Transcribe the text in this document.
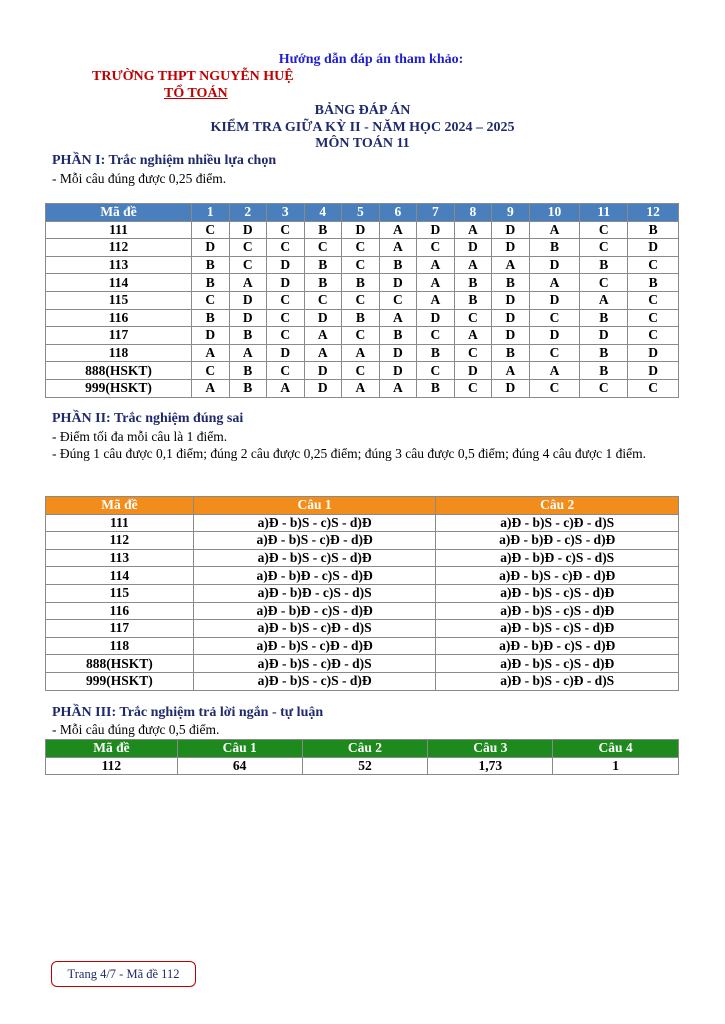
Hướng dẫn đáp án tham khảo:
TRƯỜNG THPT NGUYỄN HUỆ
TỔ TOÁN
BẢNG ĐÁP ÁN
KIỂM TRA GIỮA KỲ II - NĂM HỌC 2024 – 2025
MÔN TOÁN 11
PHẦN I: Trắc nghiệm nhiều lựa chọn
- Mỗi câu đúng được 0,25 điểm.
Mã đề	1	2	3	4	5	6	7	8	9	10	11	12
111	C	D	C	B	D	A	D	A	D	A	C	B
112	D	C	C	C	C	A	C	D	D	B	C	D
113	B	C	D	B	C	B	A	A	A	D	B	C
114	B	A	D	B	B	D	A	B	B	A	C	B
115	C	D	C	C	C	C	A	B	D	D	A	C
116	B	D	C	D	B	A	D	C	D	C	B	C
117	D	B	C	A	C	B	C	A	D	D	D	C
118	A	A	D	A	A	D	B	C	B	C	B	D
888(HSKT)	C	B	C	D	C	D	C	D	A	A	B	D
999(HSKT)	A	B	A	D	A	A	B	C	D	C	C	C
PHẦN II: Trắc nghiệm đúng sai
- Điểm tối đa mỗi câu là 1 điểm.
- Đúng 1 câu được 0,1 điểm; đúng 2 câu được 0,25 điểm; đúng 3 câu được 0,5 điểm; đúng 4 câu được 1 điểm.
Mã đề	Câu 1	Câu 2
111	a)Đ - b)S - c)S - d)Đ	a)Đ - b)S - c)Đ - d)S
112	a)Đ - b)S - c)Đ - d)Đ	a)Đ - b)Đ - c)S - d)Đ
113	a)Đ - b)S - c)S - d)Đ	a)Đ - b)Đ - c)S - d)S
114	a)Đ - b)Đ - c)S - d)Đ	a)Đ - b)S - c)Đ - d)Đ
115	a)Đ - b)Đ - c)S - d)S	a)Đ - b)S - c)S - d)Đ
116	a)Đ - b)Đ - c)S - d)Đ	a)Đ - b)S - c)S - d)Đ
117	a)Đ - b)S - c)Đ - d)S	a)Đ - b)S - c)S - d)Đ
118	a)Đ - b)S - c)Đ - d)Đ	a)Đ - b)Đ - c)S - d)Đ
888(HSKT)	a)Đ - b)S - c)Đ - d)S	a)Đ - b)S - c)S - d)Đ
999(HSKT)	a)Đ - b)S - c)S - d)Đ	a)Đ - b)S - c)Đ - d)S
PHẦN III: Trắc nghiệm trả lời ngắn - tự luận
- Mỗi câu đúng được 0,5 điểm.
Mã đề	Câu 1	Câu 2	Câu 3	Câu 4
112	64	52	1,73	1
Trang 4/7 - Mã đề 112
